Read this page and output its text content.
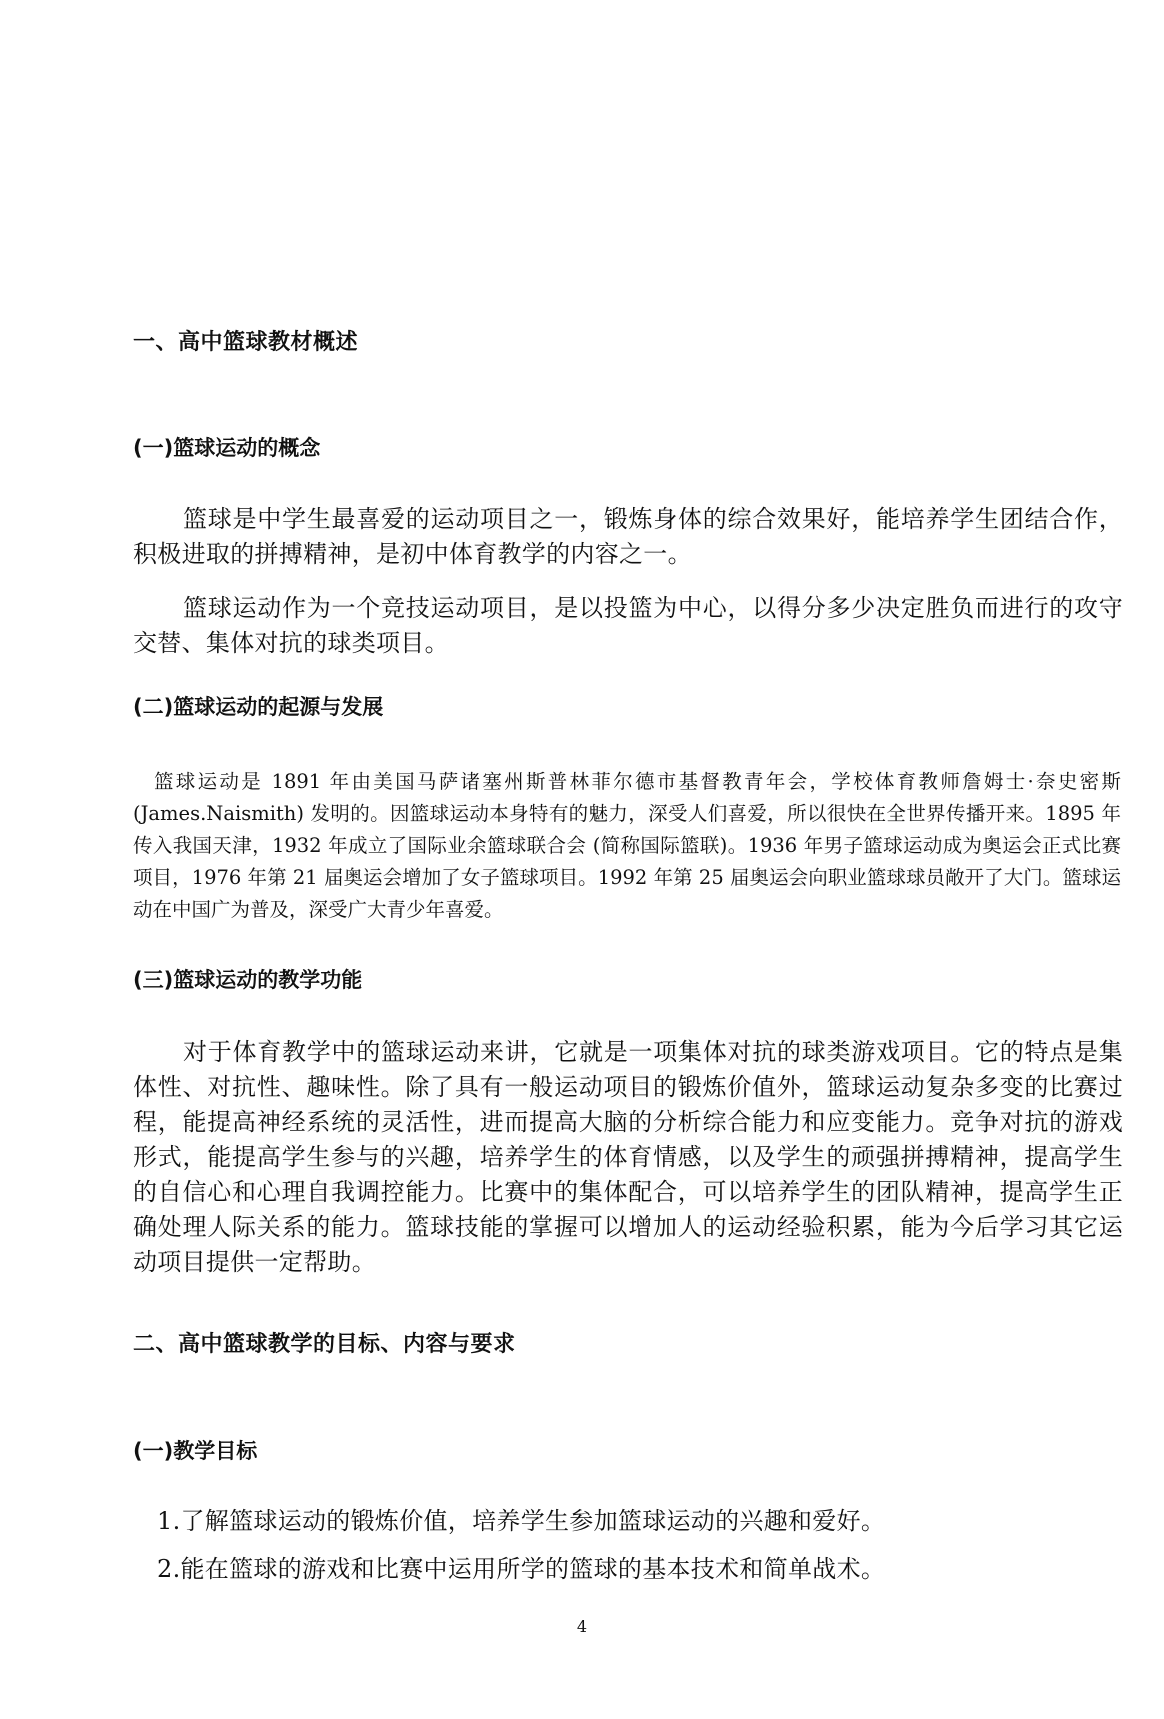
一、高中篮球教材概述
(一)篮球运动的概念

篮球是中学生最喜爱的运动项目之一，锻炼身体的综合效果好，能培养学生团结合作，积极进取的拼搏精神，是初中体育教学的内容之一。

篮球运动作为一个竞技运动项目，是以投篮为中心，以得分多少决定胜负而进行的攻守交替、集体对抗的球类项目。

(二)篮球运动的起源与发展

篮球运动是 1891 年由美国马萨诸塞州斯普林菲尔德市基督教青年会，学校体育教师詹姆士·奈史密斯 (James.Naismith) 发明的。因篮球运动本身特有的魅力，深受人们喜爱，所以很快在全世界传播开来。1895 年传入我国天津，1932 年成立了国际业余篮球联合会 (简称国际篮联)。1936 年男子篮球运动成为奥运会正式比赛项目，1976 年第 21 届奥运会增加了女子篮球项目。1992 年第 25 届奥运会向职业篮球球员敞开了大门。篮球运动在中国广为普及，深受广大青少年喜爱。

(三)篮球运动的教学功能

对于体育教学中的篮球运动来讲，它就是一项集体对抗的球类游戏项目。它的特点是集体性、对抗性、趣味性。除了具有一般运动项目的锻炼价值外，篮球运动复杂多变的比赛过程，能提高神经系统的灵活性，进而提高大脑的分析综合能力和应变能力。竞争对抗的游戏形式，能提高学生参与的兴趣，培养学生的体育情感，以及学生的顽强拼搏精神，提高学生的自信心和心理自我调控能力。比赛中的集体配合，可以培养学生的团队精神，提高学生正确处理人际关系的能力。篮球技能的掌握可以增加人的运动经验积累，能为今后学习其它运动项目提供一定帮助。

二、高中篮球教学的目标、内容与要求
(一)教学目标

1.了解篮球运动的锻炼价值，培养学生参加篮球运动的兴趣和爱好。

2.能在篮球的游戏和比赛中运用所学的篮球的基本技术和简单战术。

4
